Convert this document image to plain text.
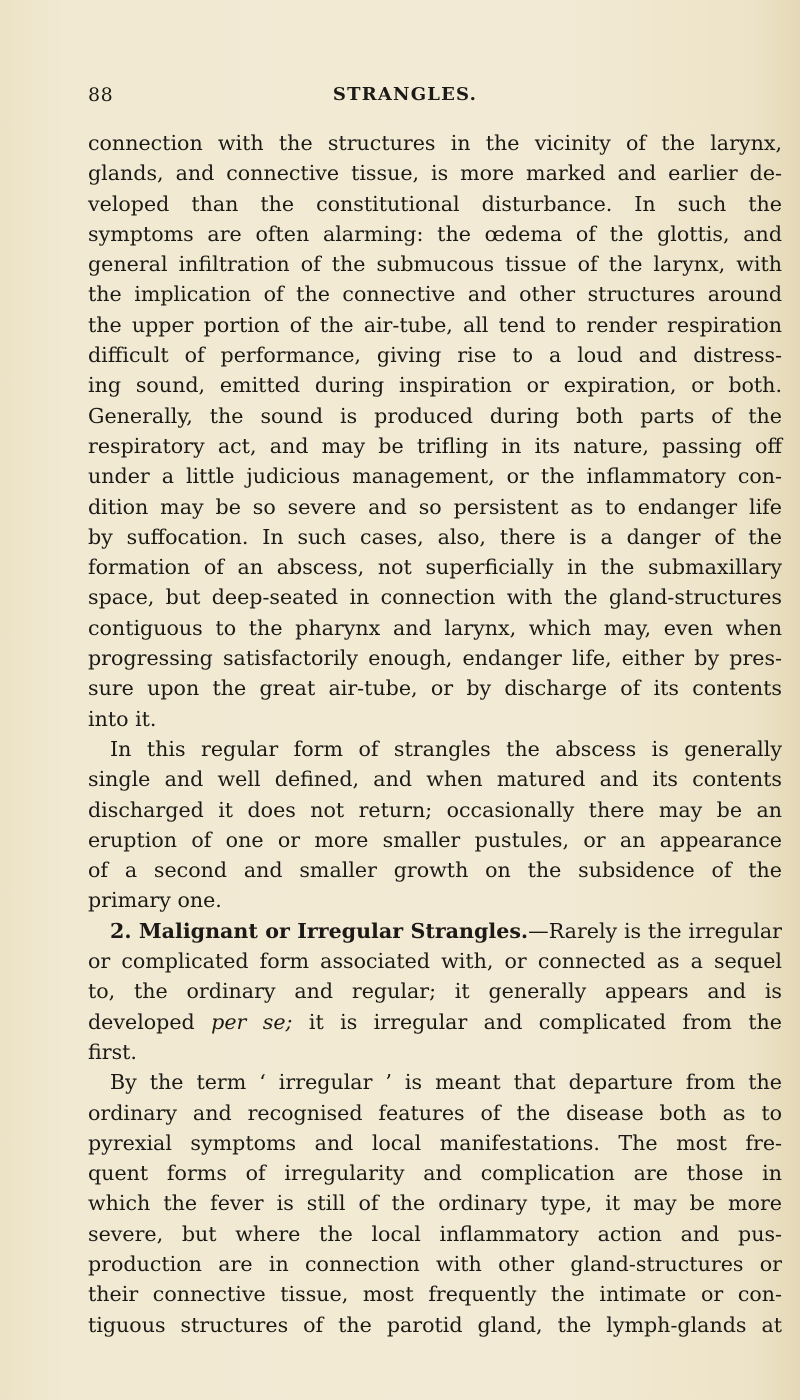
88	STRANGLES.
connection with the structures in the vicinity of the larynx,
glands, and connective tissue, is more marked and earlier de-
veloped than the constitutional disturbance. In such the
symptoms are often alarming: the œdema of the glottis, and
general infiltration of the submucous tissue of the larynx, with
the implication of the connective and other structures around
the upper portion of the air-tube, all tend to render respiration
difficult of performance, giving rise to a loud and distress-
ing sound, emitted during inspiration or expiration, or both.
Generally, the sound is produced during both parts of the
respiratory act, and may be trifling in its nature, passing off
under a little judicious management, or the inflammatory con-
dition may be so severe and so persistent as to endanger life
by suffocation. In such cases, also, there is a danger of the
formation of an abscess, not superficially in the submaxillary
space, but deep-seated in connection with the gland-structures
contiguous to the pharynx and larynx, which may, even when
progressing satisfactorily enough, endanger life, either by pres-
sure upon the great air-tube, or by discharge of its contents
into it.
In this regular form of strangles the abscess is generally
single and well defined, and when matured and its contents
discharged it does not return; occasionally there may be an
eruption of one or more smaller pustules, or an appearance
of a second and smaller growth on the subsidence of the
primary one.
2. Malignant or Irregular Strangles.—Rarely is the irregular
or complicated form associated with, or connected as a sequel
to, the ordinary and regular; it generally appears and is
developed per se; it is irregular and complicated from the
first.
By the term ‘ irregular ’ is meant that departure from the
ordinary and recognised features of the disease both as to
pyrexial symptoms and local manifestations. The most fre-
quent forms of irregularity and complication are those in
which the fever is still of the ordinary type, it may be more
severe, but where the local inflammatory action and pus-
production are in connection with other gland-structures or
their connective tissue, most frequently the intimate or con-
tiguous structures of the parotid gland, the lymph-glands at
